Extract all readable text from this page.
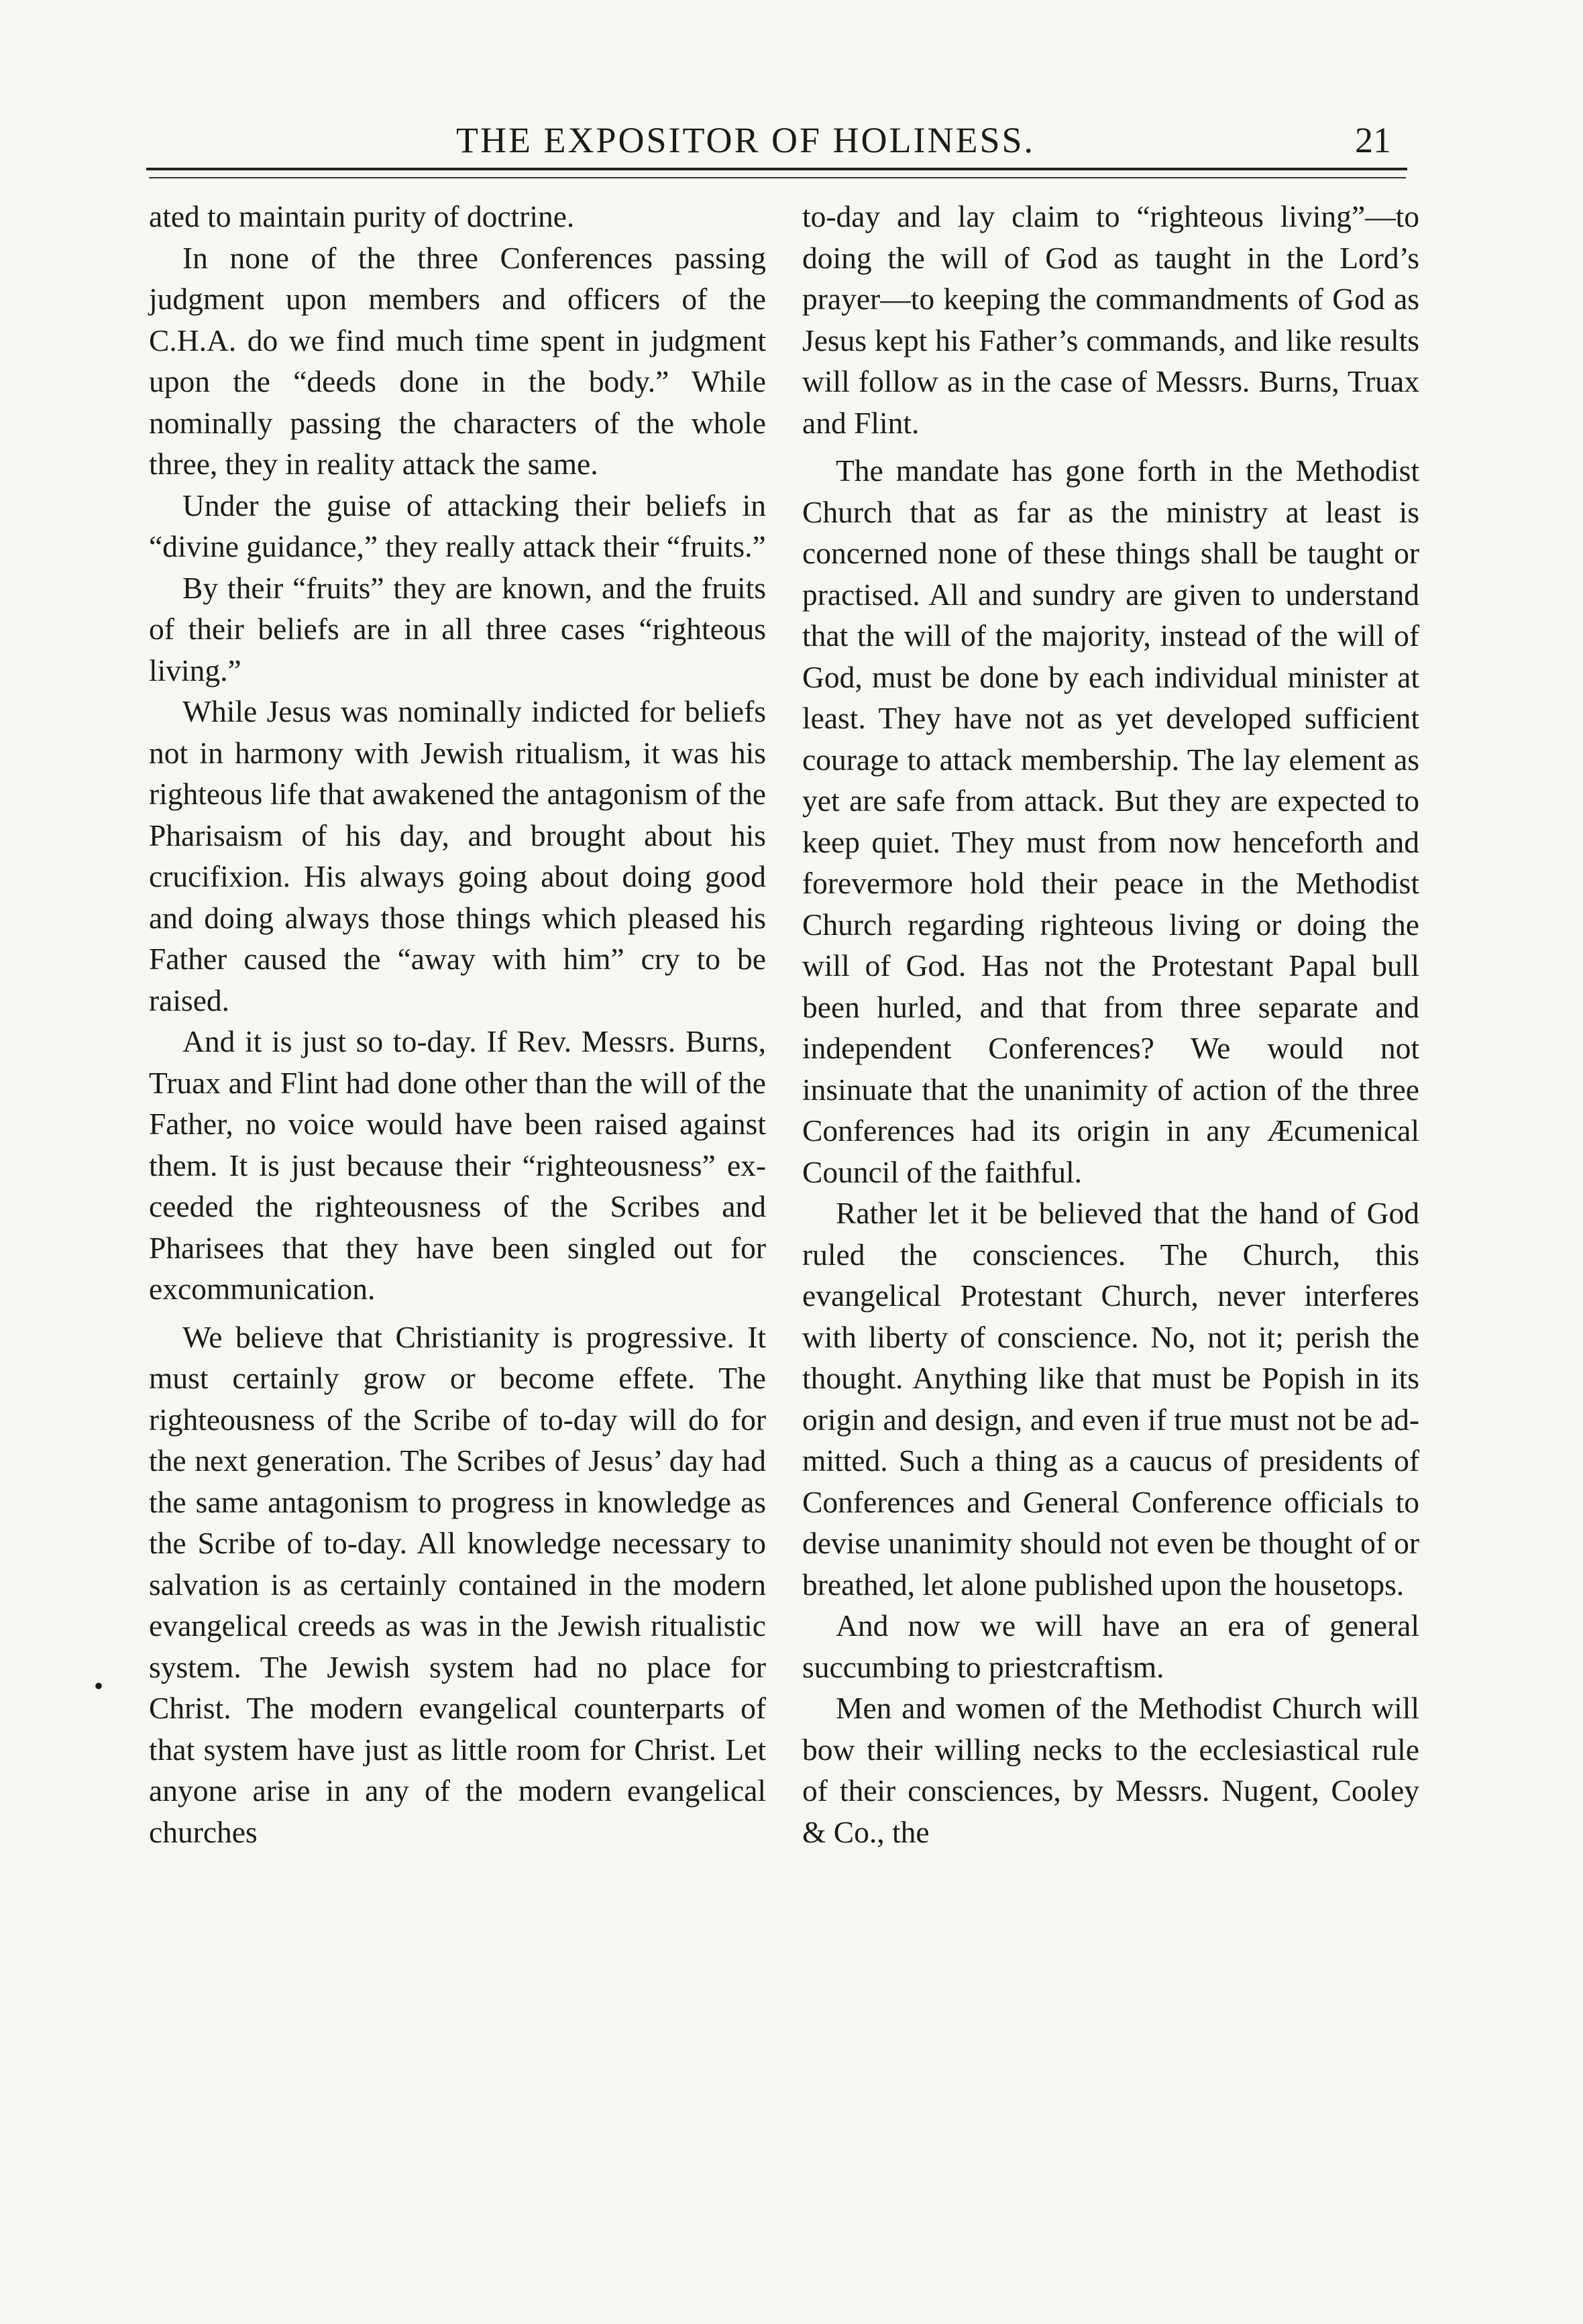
THE EXPOSITOR OF HOLINESS.	21

ated to maintain purity of doctrine.

In none of the three Conferences passing judgment upon members and officers of the C.H.A. do we find much time spent in judgment upon the “deeds done in the body.” While nominally passing the characters of the whole three, they in reality attack the same.

Under the guise of attacking their beliefs in “divine guidance,” they really attack their “fruits.”

By their “fruits” they are known, and the fruits of their beliefs are in all three cases “righteous living.”

While Jesus was nominally indicted for beliefs not in harmony with Jewish ritualism, it was his righteous life that awakened the antagonism of the Pharisaism of his day, and brought about his crucifixion. His always going about doing good and doing always those things which pleased his Father caused the “away with him” cry to be raised.

And it is just so to-day. If Rev. Messrs. Burns, Truax and Flint had done other than the will of the Father, no voice would have been raised against them. It is just because their “righteousness” exceeded the righteousness of the Scribes and Pharisees that they have been singled out for excommunication.

We believe that Christianity is progressive. It must certainly grow or become effete. The righteousness of the Scribe of to-day will do for the next generation. The Scribes of Jesus’ day had the same antagonism to progress in knowledge as the Scribe of to-day. All knowledge necessary to salvation is as certainly contained in the modern evangelical creeds as was in the Jewish ritualistic system. The Jewish system had no place for Christ. The modern evangelical counterparts of that system have just as little room for Christ. Let anyone arise in any of the modern evangelical churches

to-day and lay claim to “righteous living”—to doing the will of God as taught in the Lord’s prayer—to keeping the commandments of God as Jesus kept his Father’s commands, and like results will follow as in the case of Messrs. Burns, Truax and Flint.

The mandate has gone forth in the Methodist Church that as far as the ministry at least is concerned none of these things shall be taught or practised. All and sundry are given to understand that the will of the majority, instead of the will of God, must be done by each individual minister at least. They have not as yet developed sufficient courage to attack membership. The lay element as yet are safe from attack. But they are expected to keep quiet. They must from now henceforth and forevermore hold their peace in the Methodist Church regarding righteous living or doing the will of God. Has not the Protestant Papal bull been hurled, and that from three separate and independent Conferences? We would not insinuate that the unanimity of action of the three Conferences had its origin in any Æcumenical Council of the faithful.

Rather let it be believed that the hand of God ruled the consciences. The Church, this evangelical Protestant Church, never interferes with liberty of conscience. No, not it; perish the thought. Anything like that must be Popish in its origin and design, and even if true must not be admitted. Such a thing as a caucus of presidents of Conferences and General Conference officials to devise unanimity should not even be thought of or breathed, let alone published upon the housetops.

And now we will have an era of general succumbing to priestcraftism.

Men and women of the Methodist Church will bow their willing necks to the ecclesiastical rule of their consciences, by Messrs. Nugent, Cooley & Co., the

•
